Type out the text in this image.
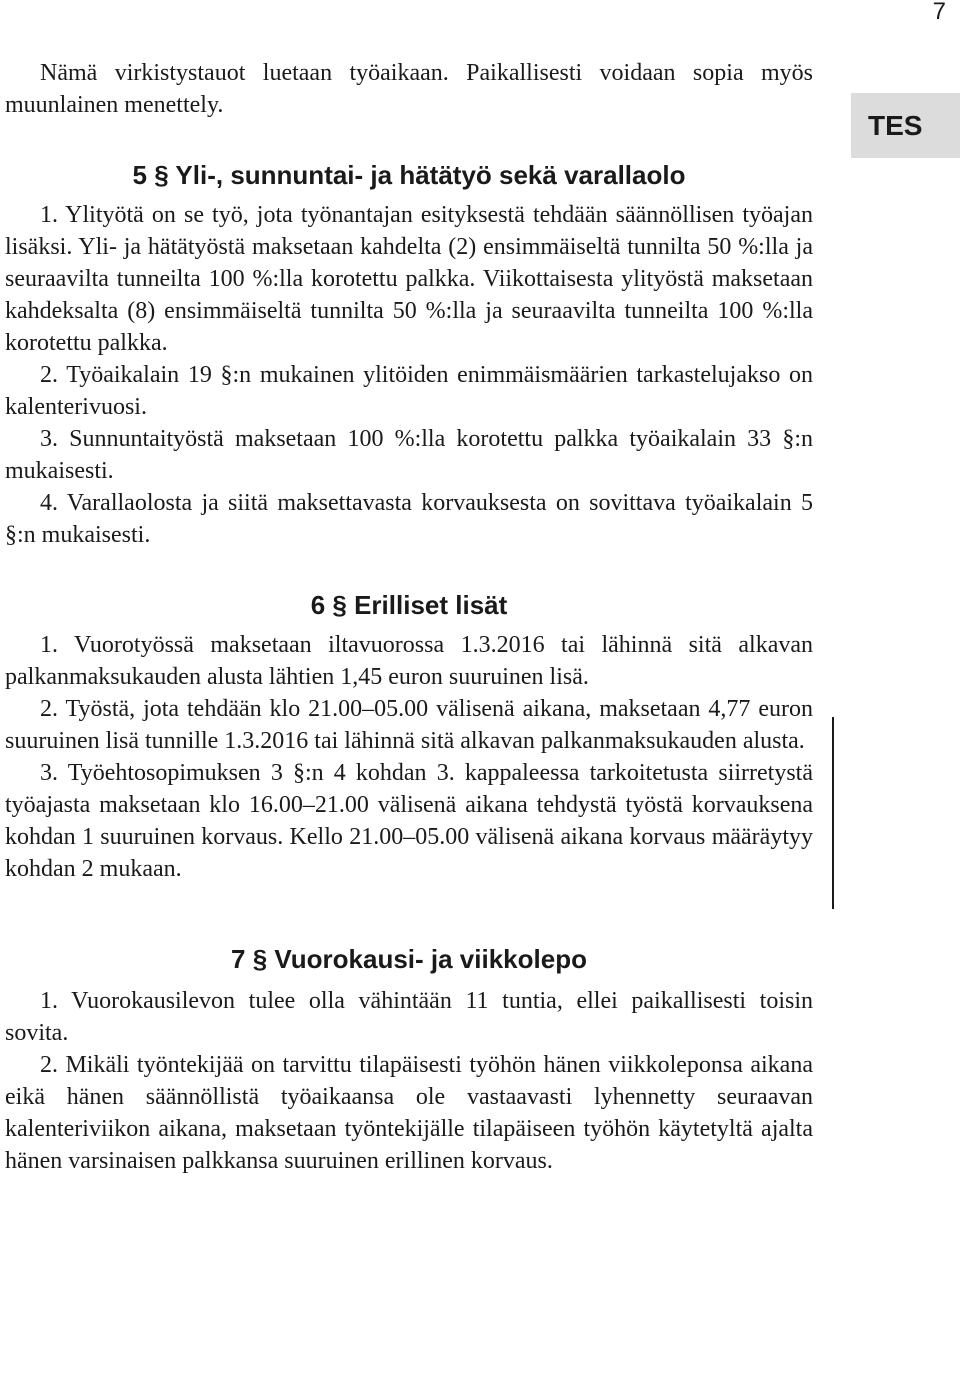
7
TES

Nämä virkistystauot luetaan työaikaan. Paikallisesti voidaan sopia myös muunlainen menettely.

5 § Yli-, sunnuntai- ja hätätyö sekä varallaolo

1. Ylityötä on se työ, jota työnantajan esityksestä tehdään säännöllisen työajan lisäksi. Yli- ja hätätyöstä maksetaan kahdelta (2) ensimmäiseltä tunnilta 50 %:lla ja seuraavilta tunneilta 100 %:lla korotettu palkka. Viikottaisesta ylityöstä maksetaan kahdeksalta (8) ensimmäiseltä tunnilta 50 %:lla ja seuraavilta tunneilta 100 %:lla korotettu palkka.

2. Työaikalain 19 §:n mukainen ylitöiden enimmäismäärien tarkastelujakso on kalenterivuosi.

3. Sunnuntaityöstä maksetaan 100 %:lla korotettu palkka työaikalain 33 §:n mukaisesti.

4. Varallaolosta ja siitä maksettavasta korvauksesta on sovittava työaikalain 5 §:n mukaisesti.

6 § Erilliset lisät

1. Vuorotyössä maksetaan iltavuorossa 1.3.2016 tai lähinnä sitä alkavan palkanmaksukauden alusta lähtien 1,45 euron suuruinen lisä.

2. Työstä, jota tehdään klo 21.00–05.00 välisenä aikana, maksetaan 4,77 euron suuruinen lisä tunnille 1.3.2016 tai lähinnä sitä alkavan palkanmaksukauden alusta.

3. Työehtosopimuksen 3 §:n 4 kohdan 3. kappaleessa tarkoitetusta siirretystä työajasta maksetaan klo 16.00–21.00 välisenä aikana tehdystä työstä korvauksena kohdan 1 suuruinen korvaus. Kello 21.00–05.00 välisenä aikana korvaus määräytyy kohdan 2 mukaan.

7 § Vuorokausi- ja viikkolepo

1. Vuorokausilevon tulee olla vähintään 11 tuntia, ellei paikallisesti toisin sovita.

2. Mikäli työntekijää on tarvittu tilapäisesti työhön hänen viikkoleponsa aikana eikä hänen säännöllistä työaikaansa ole vastaavasti lyhennetty seuraavan kalenteriviikon aikana, maksetaan työntekijälle tilapäiseen työhön käytetyltä ajalta hänen varsinaisen palkkansa suuruinen erillinen korvaus.
